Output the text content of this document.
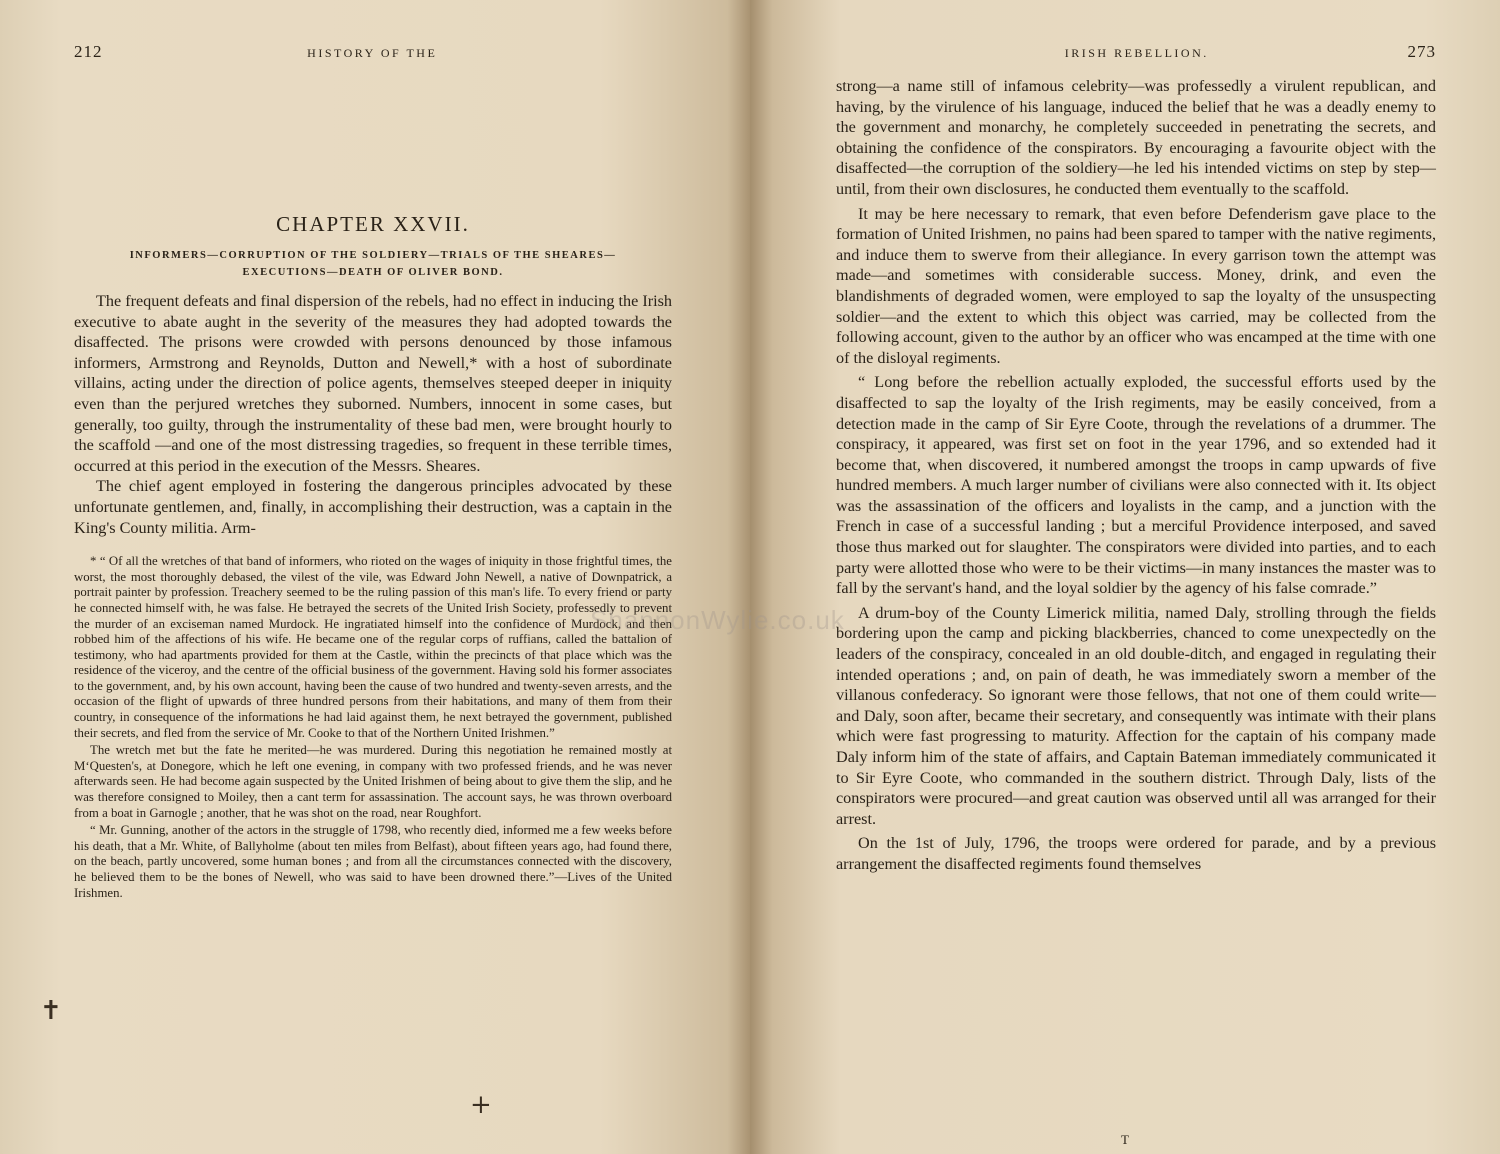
212	HISTORY OF THE
CHAPTER XXVII.
INFORMERS—CORRUPTION OF THE SOLDIERY—TRIALS OF THE SHEARES—
EXECUTIONS—DEATH OF OLIVER BOND.

The frequent defeats and final dispersion of the rebels, had no effect in inducing the Irish executive to abate aught in the severity of the measures they had adopted towards the disaffected. The prisons were crowded with persons denounced by those infamous informers, Armstrong and Reynolds, Dutton and Newell,* with a host of subordinate villains, acting under the direction of police agents, themselves steeped deeper in iniquity even than the perjured wretches they suborned. Numbers, innocent in some cases, but generally, too guilty, through the instrumentality of these bad men, were brought hourly to the scaffold —and one of the most distressing tragedies, so frequent in these terrible times, occurred at this period in the execution of the Messrs. Sheares.

The chief agent employed in fostering the dangerous principles advocated by these unfortunate gentlemen, and, finally, in accomplishing their destruction, was a captain in the King's County militia. Arm-

* “ Of all the wretches of that band of informers, who rioted on the wages of iniquity in those frightful times, the worst, the most thoroughly debased, the vilest of the vile, was Edward John Newell, a native of Downpatrick, a portrait painter by profession. Treachery seemed to be the ruling passion of this man's life. To every friend or party he connected himself with, he was false. He betrayed the secrets of the United Irish Society, professedly to prevent the murder of an exciseman named Murdock. He ingratiated himself into the confidence of Murdock, and then robbed him of the affections of his wife. He became one of the regular corps of ruffians, called the battalion of testimony, who had apartments provided for them at the Castle, within the precincts of that place which was the residence of the viceroy, and the centre of the official business of the government. Having sold his former associates to the government, and, by his own account, having been the cause of two hundred and twenty-seven arrests, and the occasion of the flight of upwards of three hundred persons from their habitations, and many of them from their country, in consequence of the informations he had laid against them, he next betrayed the government, published their secrets, and fled from the service of Mr. Cooke to that of the Northern United Irishmen.”

The wretch met but the fate he merited—he was murdered. During this negotiation he remained mostly at M‘Questen's, at Donegore, which he left one evening, in company with two professed friends, and he was never afterwards seen. He had become again suspected by the United Irishmen of being about to give them the slip, and he was therefore consigned to Moiley, then a cant term for assassination. The account says, he was thrown overboard from a boat in Garnogle ; another, that he was shot on the road, near Roughfort.

“ Mr. Gunning, another of the actors in the struggle of 1798, who recently died, informed me a few weeks before his death, that a Mr. White, of Ballyholme (about ten miles from Belfast), about fifteen years ago, had found there, on the beach, partly uncovered, some human bones ; and from all the circumstances connected with the discovery, he believed them to be the bones of Newell, who was said to have been drowned there.”—Lives of the United Irishmen.

✝
+
IRISH REBELLION.	273

strong—a name still of infamous celebrity—was professedly a virulent republican, and having, by the virulence of his language, induced the belief that he was a deadly enemy to the government and monarchy, he completely succeeded in penetrating the secrets, and obtaining the confidence of the conspirators. By encouraging a favourite object with the disaffected—the corruption of the soldiery—he led his intended victims on step by step—until, from their own disclosures, he conducted them eventually to the scaffold.

It may be here necessary to remark, that even before Defenderism gave place to the formation of United Irishmen, no pains had been spared to tamper with the native regiments, and induce them to swerve from their allegiance. In every garrison town the attempt was made—and sometimes with considerable success. Money, drink, and even the blandishments of degraded women, were employed to sap the loyalty of the unsuspecting soldier—and the extent to which this object was carried, may be collected from the following account, given to the author by an officer who was encamped at the time with one of the disloyal regiments.

“ Long before the rebellion actually exploded, the successful efforts used by the disaffected to sap the loyalty of the Irish regiments, may be easily conceived, from a detection made in the camp of Sir Eyre Coote, through the revelations of a drummer. The conspiracy, it appeared, was first set on foot in the year 1796, and so extended had it become that, when discovered, it numbered amongst the troops in camp upwards of five hundred members. A much larger number of civilians were also connected with it. Its object was the assassination of the officers and loyalists in the camp, and a junction with the French in case of a successful landing ; but a merciful Providence interposed, and saved those thus marked out for slaughter. The conspirators were divided into parties, and to each party were allotted those who were to be their victims—in many instances the master was to fall by the servant's hand, and the loyal soldier by the agency of his false comrade.”

A drum-boy of the County Limerick militia, named Daly, strolling through the fields bordering upon the camp and picking blackberries, chanced to come unexpectedly on the leaders of the conspiracy, concealed in an old double-ditch, and engaged in regulating their intended operations ; and, on pain of death, he was immediately sworn a member of the villanous confederacy. So ignorant were those fellows, that not one of them could write—and Daly, soon after, became their secretary, and consequently was intimate with their plans which were fast progressing to maturity. Affection for the captain of his company made Daly inform him of the state of affairs, and Captain Bateman immediately communicated it to Sir Eyre Coote, who commanded in the southern district. Through Daly, lists of the conspirators were procured—and great caution was observed until all was arranged for their arrest.

On the 1st of July, 1796, the troops were ordered for parade, and by a previous arrangement the disaffected regiments found themselves

T
ShannonWylie.co.uk
